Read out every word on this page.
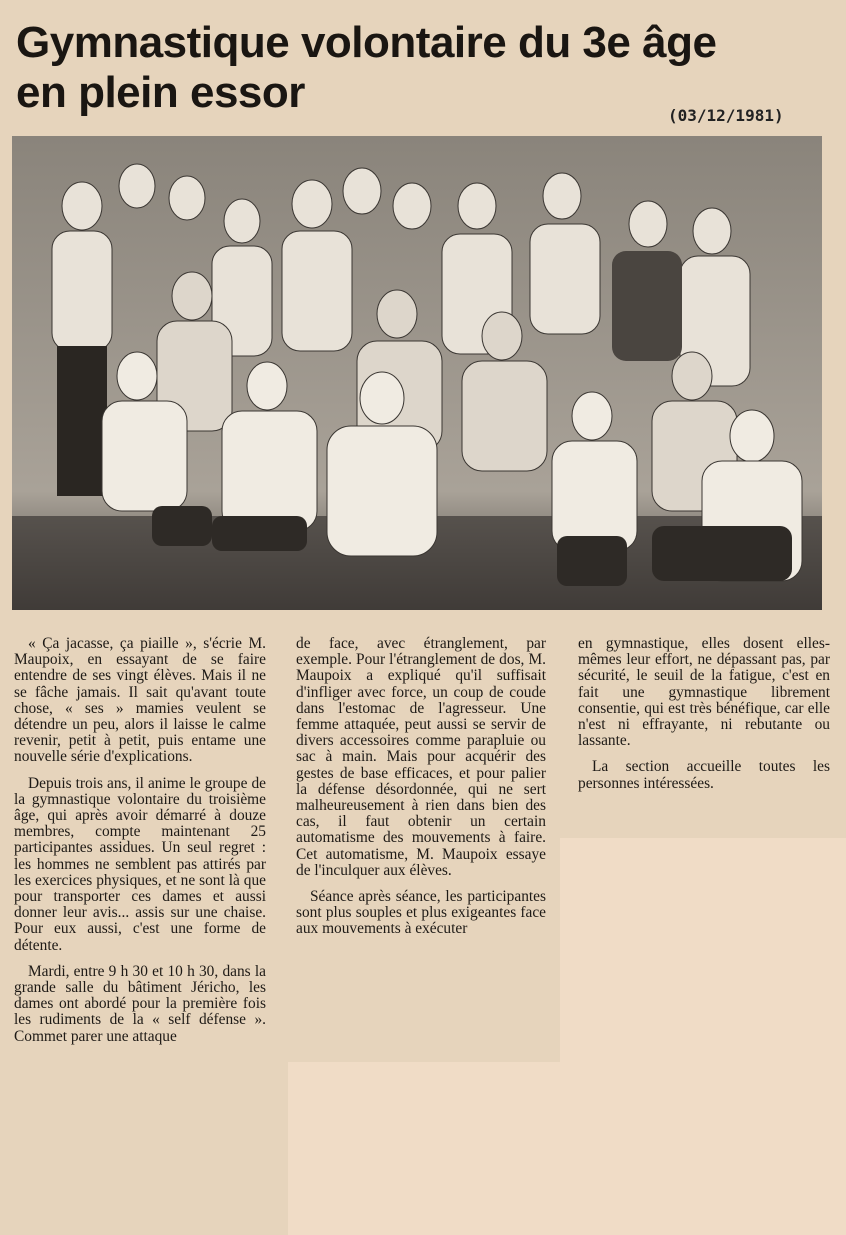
Gymnastique volontaire du 3e âge
en plein essor	(03/12/1981)

« Ça jacasse, ça piaille », s'écrie M. Maupoix, en essayant de se faire entendre de ses vingt élèves. Mais il ne se fâche jamais. Il sait qu'avant toute chose, « ses » mamies veulent se détendre un peu, alors il laisse le calme revenir, petit à petit, puis entame une nouvelle série d'explications.

Depuis trois ans, il anime le groupe de la gymnastique volontaire du troisième âge, qui après avoir démarré à douze membres, compte maintenant 25 participantes assidues. Un seul regret : les hommes ne semblent pas attirés par les exercices physiques, et ne sont là que pour transporter ces dames et aussi donner leur avis... assis sur une chaise. Pour eux aussi, c'est une forme de détente.

Mardi, entre 9 h 30 et 10 h 30, dans la grande salle du bâtiment Jéricho, les dames ont abordé pour la première fois les rudiments de la « self défense ». Commet parer une attaque

de face, avec étranglement, par exemple. Pour l'étranglement de dos, M. Maupoix a expliqué qu'il suffisait d'infliger avec force, un coup de coude dans l'estomac de l'agresseur. Une femme attaquée, peut aussi se servir de divers accessoires comme parapluie ou sac à main. Mais pour acquérir des gestes de base efficaces, et pour palier la défense désordonnée, qui ne sert malheureusement à rien dans bien des cas, il faut obtenir un certain automatisme des mouvements à faire. Cet automatisme, M. Maupoix essaye de l'inculquer aux élèves.

Séance après séance, les participantes sont plus souples et plus exigeantes face aux mouvements à exécuter

en gymnastique, elles dosent elles-mêmes leur effort, ne dépassant pas, par sécurité, le seuil de la fatigue, c'est en fait une gymnastique librement consentie, qui est très bénéfique, car elle n'est ni effrayante, ni rebutante ou lassante.

La section accueille toutes les personnes intéressées.
